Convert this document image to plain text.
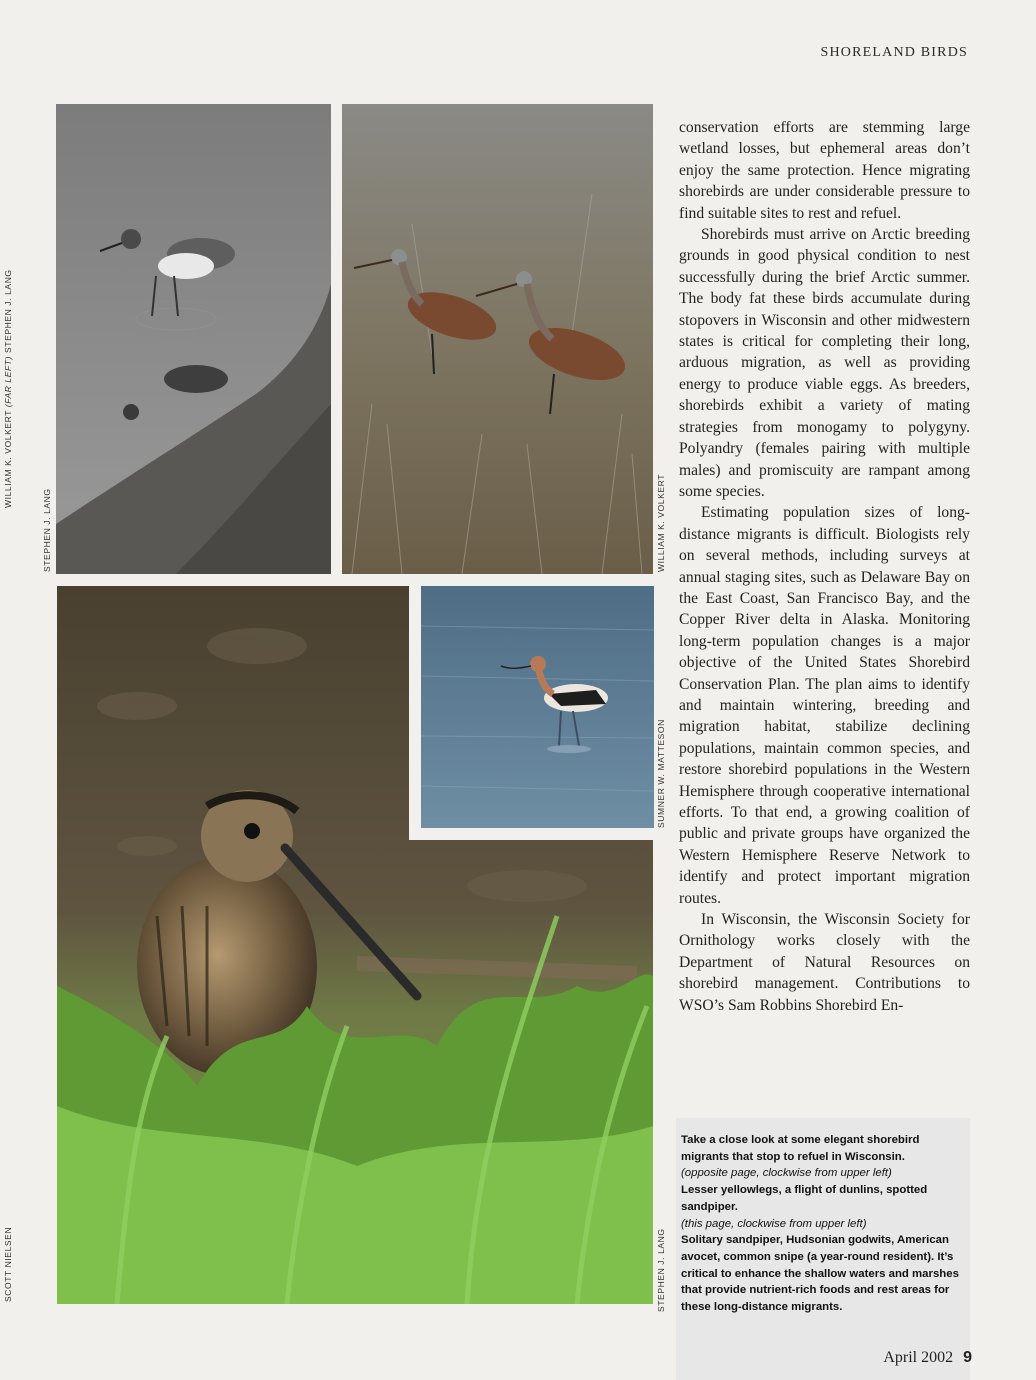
SHORELAND BIRDS
WILLIAM K. VOLKERT (FAR LEFT) STEPHEN J. LANG
STEPHEN J. LANG	WILLIAM K. VOLKERT
SUMNER W. MATTESON
SCOTT NIELSEN	STEPHEN J. LANG

conservation efforts are stemming large wetland losses, but ephemeral areas don’t enjoy the same protection. Hence migrating shorebirds are under considerable pressure to find suitable sites to rest and refuel.

Shorebirds must arrive on Arctic breeding grounds in good physical condition to nest successfully during the brief Arctic summer. The body fat these birds accumulate during stopovers in Wisconsin and other midwestern states is critical for completing their long, arduous migration, as well as providing energy to produce viable eggs. As breeders, shorebirds exhibit a variety of mating strategies from monogamy to polygyny. Polyandry (females pairing with multiple males) and promiscuity are rampant among some species.

Estimating population sizes of long-distance migrants is difficult. Biologists rely on several methods, including surveys at annual staging sites, such as Delaware Bay on the East Coast, San Francisco Bay, and the Copper River delta in Alaska. Monitoring long-term population changes is a major objective of the United States Shorebird Conservation Plan. The plan aims to identify and maintain wintering, breeding and migration habitat, stabilize declining populations, maintain common species, and restore shorebird populations in the Western Hemisphere through cooperative international efforts. To that end, a growing coalition of public and private groups have organized the Western Hemisphere Reserve Network to identify and protect important migration routes.

In Wisconsin, the Wisconsin Society for Ornithology works closely with the Department of Natural Resources on shorebird management. Contributions to WSO’s Sam Robbins Shorebird En-

Take a close look at some elegant shorebird migrants that stop to refuel in Wisconsin.
(opposite page, clockwise from upper left)
Lesser yellowlegs, a flight of dunlins, spotted sandpiper.
(this page, clockwise from upper left)
Solitary sandpiper, Hudsonian godwits, American avocet, common snipe (a year-round resident). It’s critical to enhance the shallow waters and marshes that provide nutrient-rich foods and rest areas for these long-distance migrants.
April 2002 9
